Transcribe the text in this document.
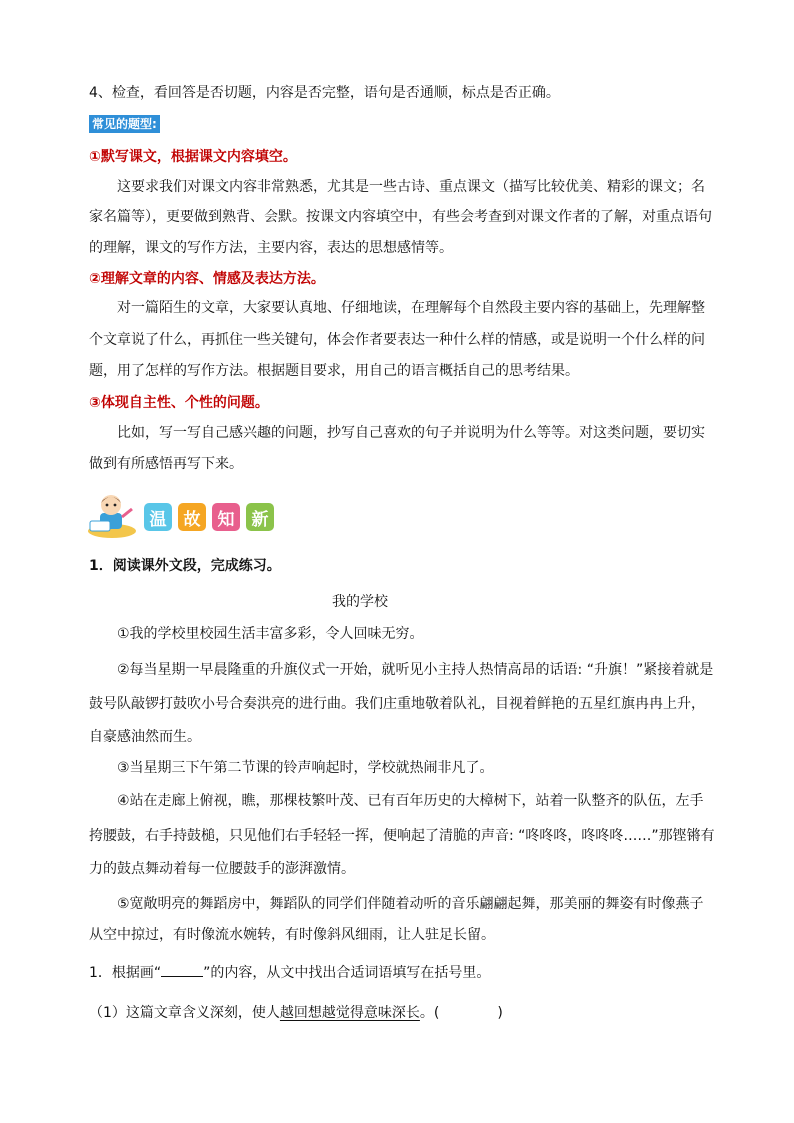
4、检查，看回答是否切题，内容是否完整，语句是否通顺，标点是否正确。
常见的题型:
①默写课文，根据课文内容填空。
这要求我们对课文内容非常熟悉，尤其是一些古诗、重点课文（描写比较优美、精彩的课文；名
家名篇等），更要做到熟背、会默。按课文内容填空中，有些会考查到对课文作者的了解，对重点语句
的理解，课文的写作方法，主要内容，表达的思想感情等。
②理解文章的内容、情感及表达方法。
对一篇陌生的文章，大家要认真地、仔细地读，在理解每个自然段主要内容的基础上，先理解整
个文章说了什么，再抓住一些关键句，体会作者要表达一种什么样的情感，或是说明一个什么样的问
题，用了怎样的写作方法。根据题目要求，用自己的语言概括自己的思考结果。
③体现自主性、个性的问题。
比如，写一写自己感兴趣的问题，抄写自己喜欢的句子并说明为什么等等。对这类问题，要切实
做到有所感悟再写下来。
温	故	知	新
1．阅读课外文段，完成练习。
我的学校
①我的学校里校园生活丰富多彩，令人回味无穷。
②每当星期一早晨隆重的升旗仪式一开始，就听见小主持人热情高昂的话语: “升旗！”紧接着就是
鼓号队敲锣打鼓吹小号合奏洪亮的进行曲。我们庄重地敬着队礼，目视着鲜艳的五星红旗冉冉上升，
自豪感油然而生。
③当星期三下午第二节课的铃声响起时，学校就热闹非凡了。
④站在走廊上俯视，瞧，那棵枝繁叶茂、已有百年历史的大樟树下，站着一队整齐的队伍，左手
挎腰鼓，右手持鼓槌，只见他们右手轻轻一挥，便响起了清脆的声音: “咚咚咚，咚咚咚……”那铿锵有
力的鼓点舞动着每一位腰鼓手的澎湃激情。
⑤宽敞明亮的舞蹈房中，舞蹈队的同学们伴随着动听的音乐翩翩起舞，那美丽的舞姿有时像燕子
从空中掠过，有时像流水婉转，有时像斜风细雨，让人驻足长留。
1．根据画“	”的内容，从文中找出合适词语填写在括号里。
（1）这篇文章含义深刻，使人越回想越觉得意味深长。(	)
